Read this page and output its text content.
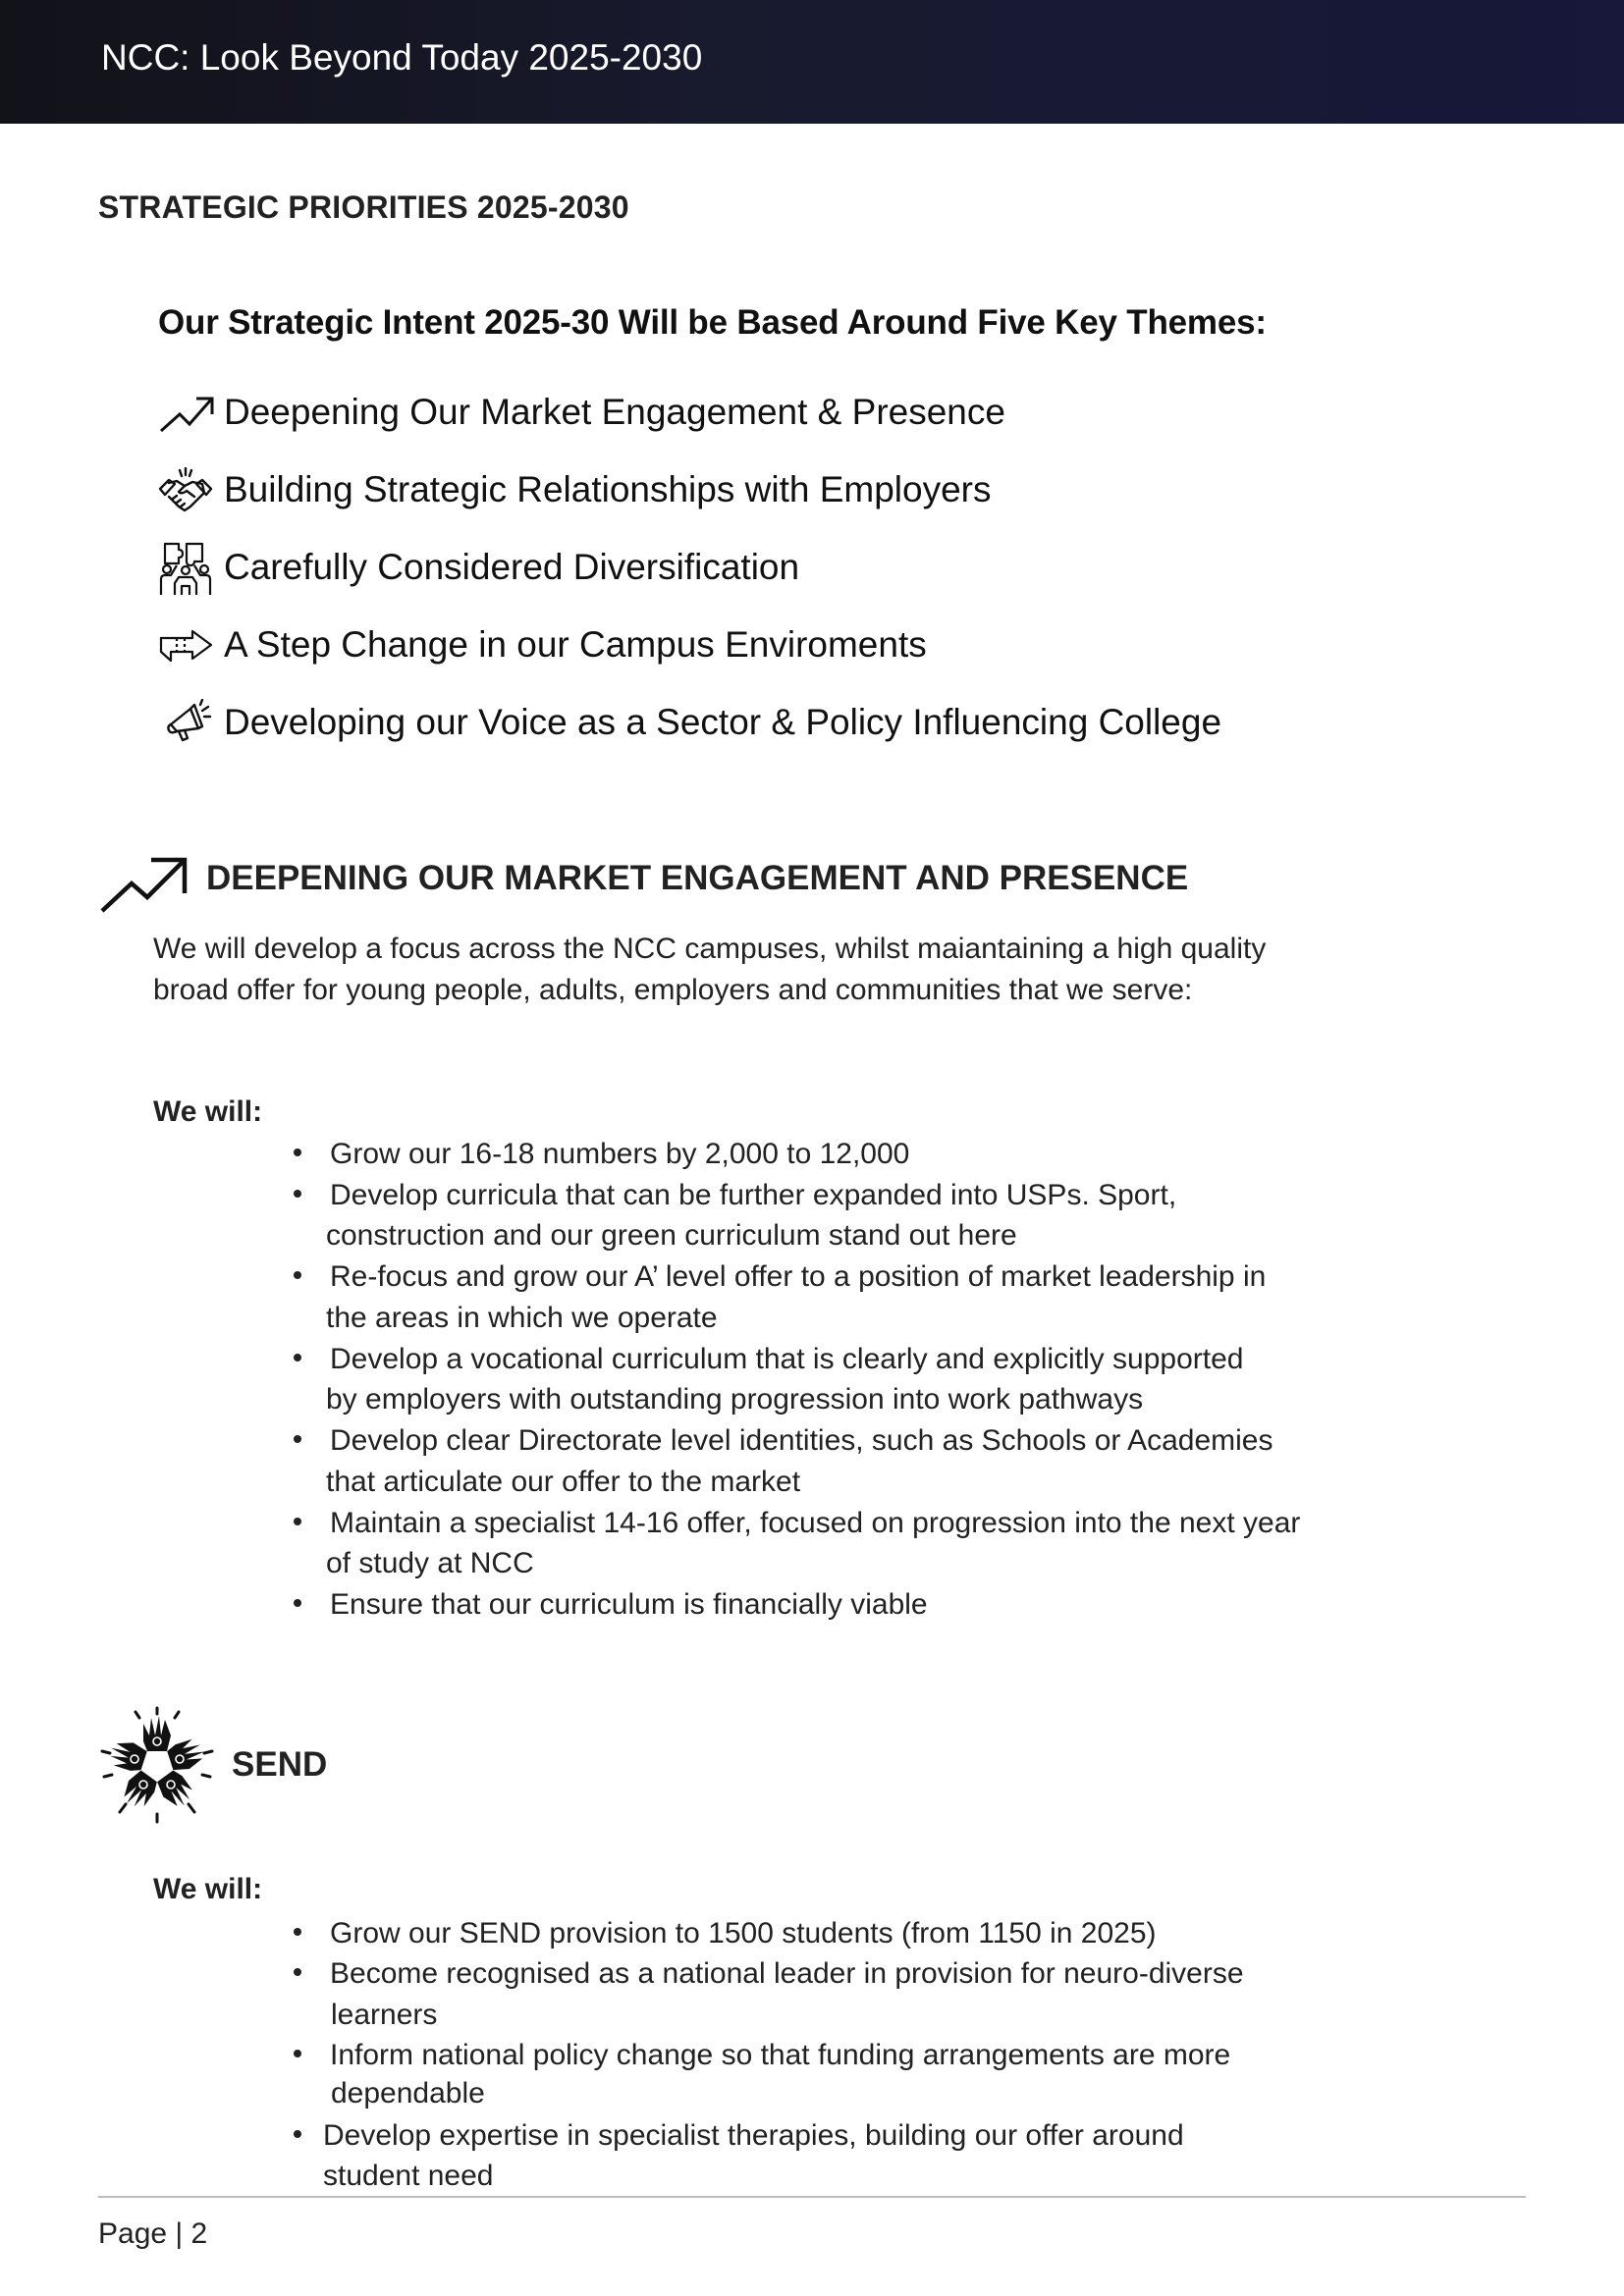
NCC: Look Beyond Today 2025-2030
STRATEGIC PRIORITIES 2025-2030
Our Strategic Intent 2025-30 Will be Based Around Five Key Themes:
Deepening Our Market Engagement & Presence
Building Strategic Relationships with Employers
Carefully Considered Diversification
A Step Change in our Campus Enviroments
Developing our Voice as a Sector & Policy Influencing College
DEEPENING OUR MARKET ENGAGEMENT AND PRESENCE
We will develop a focus across the NCC campuses, whilst maiantaining a high quality
broad offer for young people, adults, employers and communities that we serve:
We will:
Grow our 16-18 numbers by 2,000 to 12,000
Develop curricula that can be further expanded into USPs. Sport,
construction and our green curriculum stand out here
Re-focus and grow our A’ level offer to a position of market leadership in
the areas in which we operate
Develop a vocational curriculum that is clearly and explicitly supported
by employers with outstanding progression into work pathways
Develop clear Directorate level identities, such as Schools or Academies
that articulate our offer to the market
Maintain a specialist 14-16 offer, focused on progression into the next year
of study at NCC
Ensure that our curriculum is financially viable
SEND
We will:
Grow our SEND provision to 1500 students (from 1150 in 2025)
Become recognised as a national leader in provision for neuro-diverse
learners
Inform national policy change so that funding arrangements are more
dependable
Develop expertise in specialist therapies, building our offer around
student need
Page | 2
